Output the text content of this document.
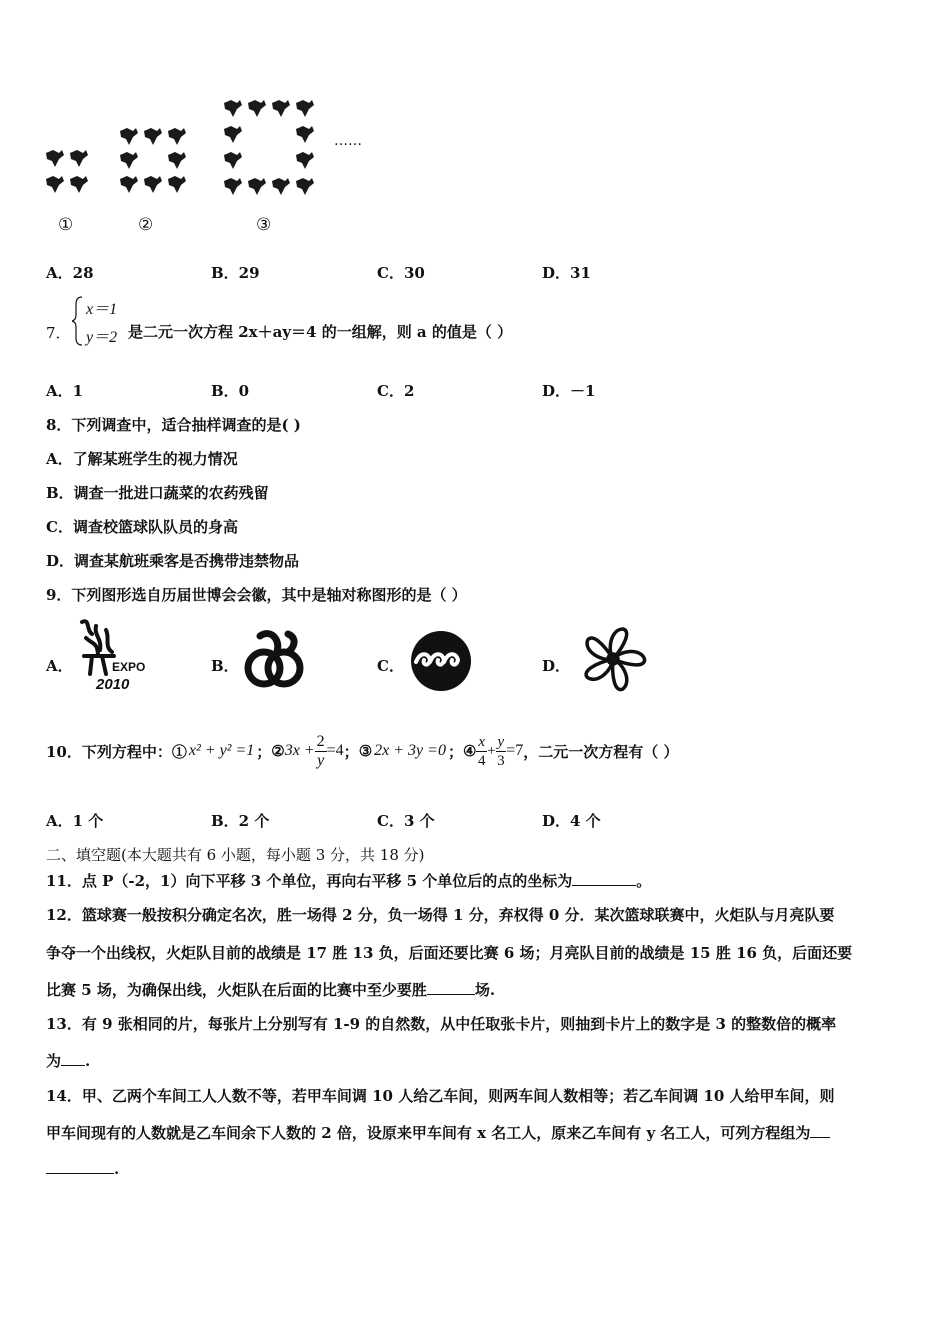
①	②	③
……
A．28	B．29	C．30	D．31
7．
x＝1
y＝2 是二元一次方程 2x＋ay＝4 的一组解，则 a 的值是（ ）
A．1	B．0	C．2	D．－1
8．下列调查中，适合抽样调查的是( )
A．了解某班学生的视力情况
B．调查一批进口蔬菜的农药残留
C．调查校篮球队队员的身高
D．调查某航班乘客是否携带违禁物品
9．下列图形选自历届世博会会徽，其中是轴对称图形的是（ ）
A．	B．	C．	D．
EXPO
2010
10．下列方程中：① x² + y² =1 ； ② $3x + \frac{2}{y} =4$ ； ③ 2x + 3y =0 ； ④ $\frac{x}{4} + \frac{y}{3} =7$ ，二元一次方程有（ ）
A．1 个	B．2 个	C．3 个	D．4 个
二、填空题(本大题共有 6 小题，每小题 3 分，共 18 分)
11．点 P（-2，1）向下平移 3 个单位，再向右平移 5 个单位后的点的坐标为	。
12．篮球赛一般按积分确定名次，胜一场得 2 分，负一场得 1 分，弃权得 0 分．某次篮球联赛中，火炬队与月亮队要
争夺一个出线权，火炬队目前的战绩是 17 胜 13 负，后面还要比赛 6 场；月亮队目前的战绩是 15 胜 16 负，后面还要
比赛 5 场，为确保出线，火炬队在后面的比赛中至少要胜	场.
13．有 9 张相同的片，每张片上分别写有 1-9 的自然数，从中任取张卡片，则抽到卡片上的数字是 3 的整数倍的概率
为 .
14．甲、乙两个车间工人人数不等，若甲车间调 10 人给乙车间，则两车间人数相等；若乙车间调 10 人给甲车间，则
甲车间现有的人数就是乙车间余下人数的 2 倍，设原来甲车间有 x 名工人，原来乙车间有 y 名工人，可列方程组为
.
